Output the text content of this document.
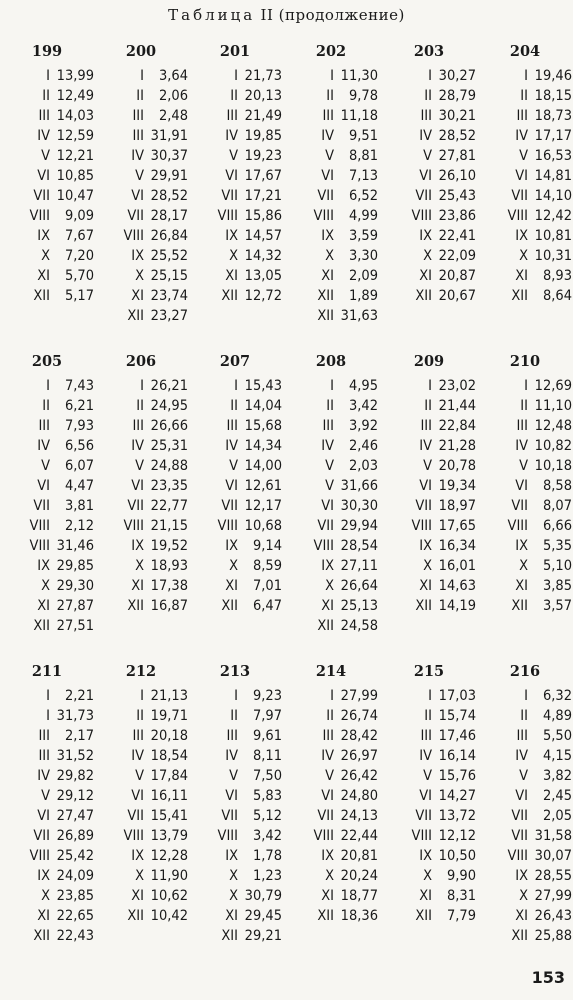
Таблица II (продолжение)
199
I 13,99
II 12,49
III 14,03
IV 12,59
V 12,21
VI 10,85
VII 10,47
VIII	9,09
IX	7,67
X	7,20
XI	5,70
XII	5,17
200
I	3,64
II	2,06
III	2,48
III 31,91
IV 30,37
V 29,91
VI 28,52
VII 28,17
VIII 26,84
IX 25,52
X 25,15
XI 23,74
XII 23,27
201
I 21,73
II 20,13
III 21,49
IV 19,85
V 19,23
VI 17,67
VII 17,21
VIII 15,86
IX 14,57
X 14,32
XI 13,05
XII 12,72
202
I 11,30
II	9,78
III 11,18
IV	9,51
V	8,81
VI	7,13
VII	6,52
VIII	4,99
IX	3,59
X	3,30
XI	2,09
XII	1,89
XII 31,63
203
I 30,27
II 28,79
III 30,21
IV 28,52
V 27,81
VI 26,10
VII 25,43
VIII 23,86
IX 22,41
X 22,09
XI 20,87
XII 20,67
204
I 19,46
II 18,15
III 18,73
IV 17,17
V 16,53
VI 14,81
VII 14,10
VIII 12,42
IX 10,81
X 10,31
XI	8,93
XII	8,64
205
I	7,43
II	6,21
III	7,93
IV	6,56
V	6,07
VI	4,47
VII	3,81
VIII	2,12
VIII 31,46
IX 29,85
X 29,30
XI 27,87
XII 27,51
206
I 26,21
II 24,95
III 26,66
IV 25,31
V 24,88
VI 23,35
VII 22,77
VIII 21,15
IX 19,52
X 18,93
XI 17,38
XII 16,87
207
I 15,43
II 14,04
III 15,68
IV 14,34
V 14,00
VI 12,61
VII 12,17
VIII 10,68
IX	9,14
X	8,59
XI	7,01
XII	6,47
208
I	4,95
II	3,42
III	3,92
IV	2,46
V	2,03
V 31,66
VI 30,30
VII 29,94
VIII 28,54
IX 27,11
X 26,64
XI 25,13
XII 24,58
209
I 23,02
II 21,44
III 22,84
IV 21,28
V 20,78
VI 19,34
VII 18,97
VIII 17,65
IX 16,34
X 16,01
XI 14,63
XII 14,19
210
I 12,69
II 11,10
III 12,48
IV 10,82
V 10,18
VI	8,58
VII	8,07
VIII	6,66
IX	5,35
X	5,10
XI	3,85
XII	3,57
211
I	2,21
I 31,73
III	2,17
III 31,52
IV 29,82
V 29,12
VI 27,47
VII 26,89
VIII 25,42
IX 24,09
X 23,85
XI 22,65
XII 22,43
212
I 21,13
II 19,71
III 20,18
IV 18,54
V 17,84
VI 16,11
VII 15,41
VIII 13,79
IX 12,28
X 11,90
XI 10,62
XII 10,42
213
I	9,23
II	7,97
III	9,61
IV	8,11
V	7,50
VI	5,83
VII	5,12
VIII	3,42
IX	1,78
X	1,23
X 30,79
XI 29,45
XII 29,21
214
I 27,99
II 26,74
III 28,42
IV 26,97
V 26,42
VI 24,80
VII 24,13
VIII 22,44
IX 20,81
X 20,24
XI 18,77
XII 18,36
215
I 17,03
II 15,74
III 17,46
IV 16,14
V 15,76
VI 14,27
VII 13,72
VIII 12,12
IX 10,50
X	9,90
XI	8,31
XII	7,79
216
I	6,32
II	4,89
III	5,50
IV	4,15
V	3,82
VI	2,45
VII	2,05
VII 31,58
VIII 30,07
IX 28,55
X 27,99
XI 26,43
XII 25,88
153
